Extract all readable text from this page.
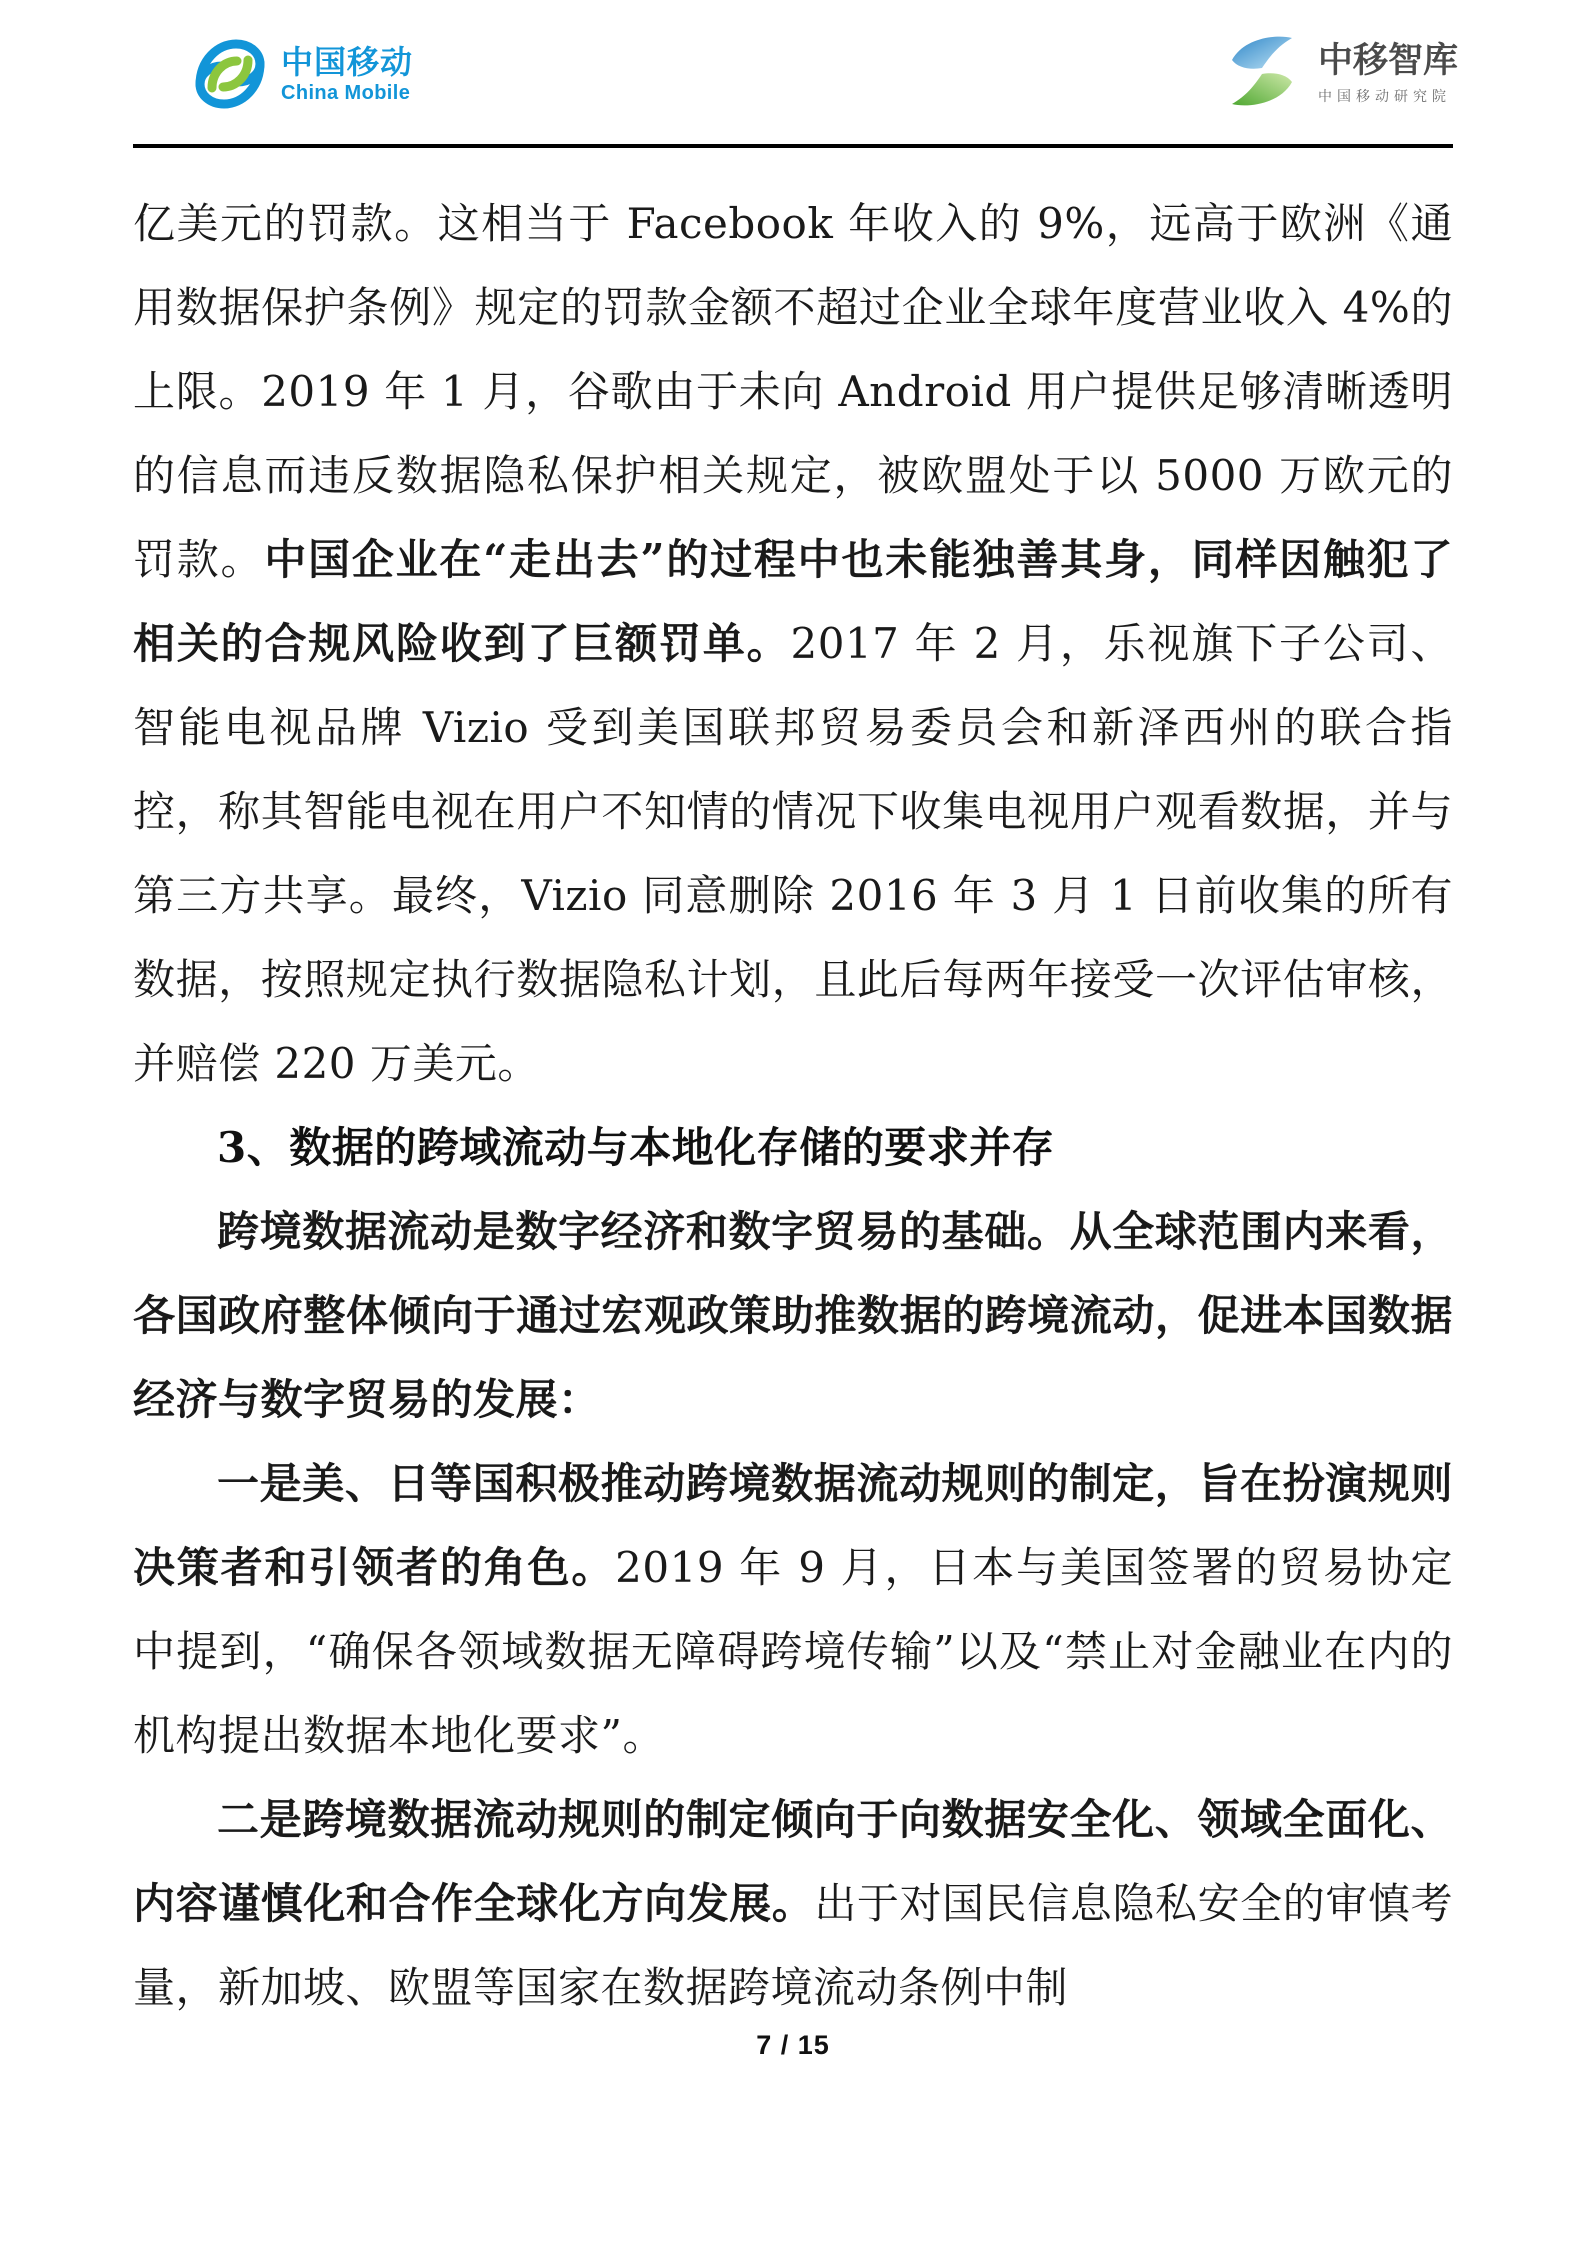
中国移动
China Mobile
中移智库
中国移动研究院

亿美元的罚款。这相当于 Facebook 年收入的 9%，远高于欧洲《通用数据保护条例》规定的罚款金额不超过企业全球年度营业收入 4%的上限。2019 年 1 月，谷歌由于未向 Android 用户提供足够清晰透明的信息而违反数据隐私保护相关规定，被欧盟处于以 5000 万欧元的罚款。中国企业在“走出去”的过程中也未能独善其身，同样因触犯了相关的合规风险收到了巨额罚单。2017 年 2 月，乐视旗下子公司、智能电视品牌 Vizio 受到美国联邦贸易委员会和新泽西州的联合指控，称其智能电视在用户不知情的情况下收集电视用户观看数据，并与第三方共享。最终，Vizio 同意删除 2016 年 3 月 1 日前收集的所有数据，按照规定执行数据隐私计划，且此后每两年接受一次评估审核，并赔偿 220 万美元。

3、数据的跨域流动与本地化存储的要求并存

跨境数据流动是数字经济和数字贸易的基础。从全球范围内来看，各国政府整体倾向于通过宏观政策助推数据的跨境流动，促进本国数据经济与数字贸易的发展：

一是美、日等国积极推动跨境数据流动规则的制定，旨在扮演规则决策者和引领者的角色。2019 年 9 月，日本与美国签署的贸易协定中提到，“确保各领域数据无障碍跨境传输”以及“禁止对金融业在内的机构提出数据本地化要求”。

二是跨境数据流动规则的制定倾向于向数据安全化、领域全面化、内容谨慎化和合作全球化方向发展。出于对国民信息隐私安全的审慎考量，新加坡、欧盟等国家在数据跨境流动条例中制

7 / 15
